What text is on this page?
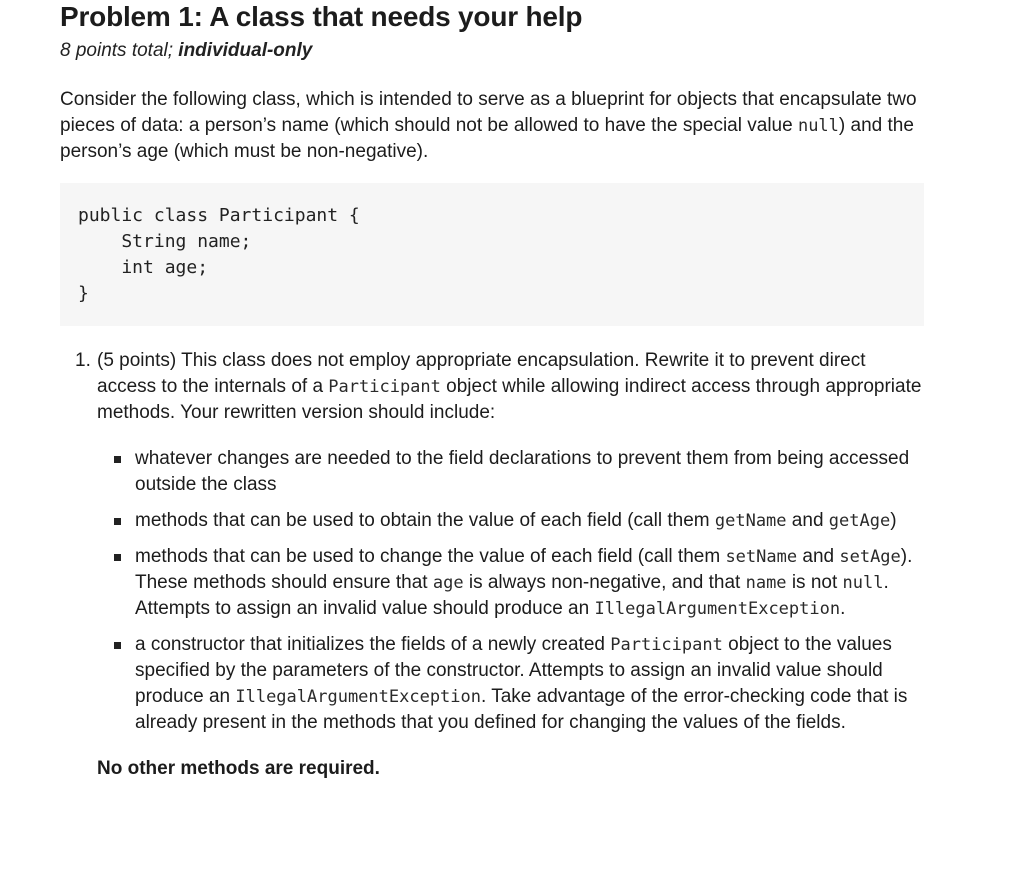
Problem 1: A class that needs your help
8 points total; individual-only

Consider the following class, which is intended to serve as a blueprint for objects that encapsulate two pieces of data: a person’s name (which should not be allowed to have the special value null) and the person’s age (which must be non-negative).

public class Participant {
String name;
int age;
}
1. (5 points) This class does not employ appropriate encapsulation. Rewrite it to prevent direct access to the internals of a Participant object while allowing indirect access through appropriate methods. Your rewritten version should include:
whatever changes are needed to the field declarations to prevent them from being accessed outside the class
methods that can be used to obtain the value of each field (call them getName and getAge)
methods that can be used to change the value of each field (call them setName and setAge). These methods should ensure that age is always non-negative, and that name is not null. Attempts to assign an invalid value should produce an IllegalArgumentException.
a constructor that initializes the fields of a newly created Participant object to the values specified by the parameters of the constructor. Attempts to assign an invalid value should produce an IllegalArgumentException. Take advantage of the error-checking code that is already present in the methods that you defined for changing the values of the fields.
No other methods are required.
